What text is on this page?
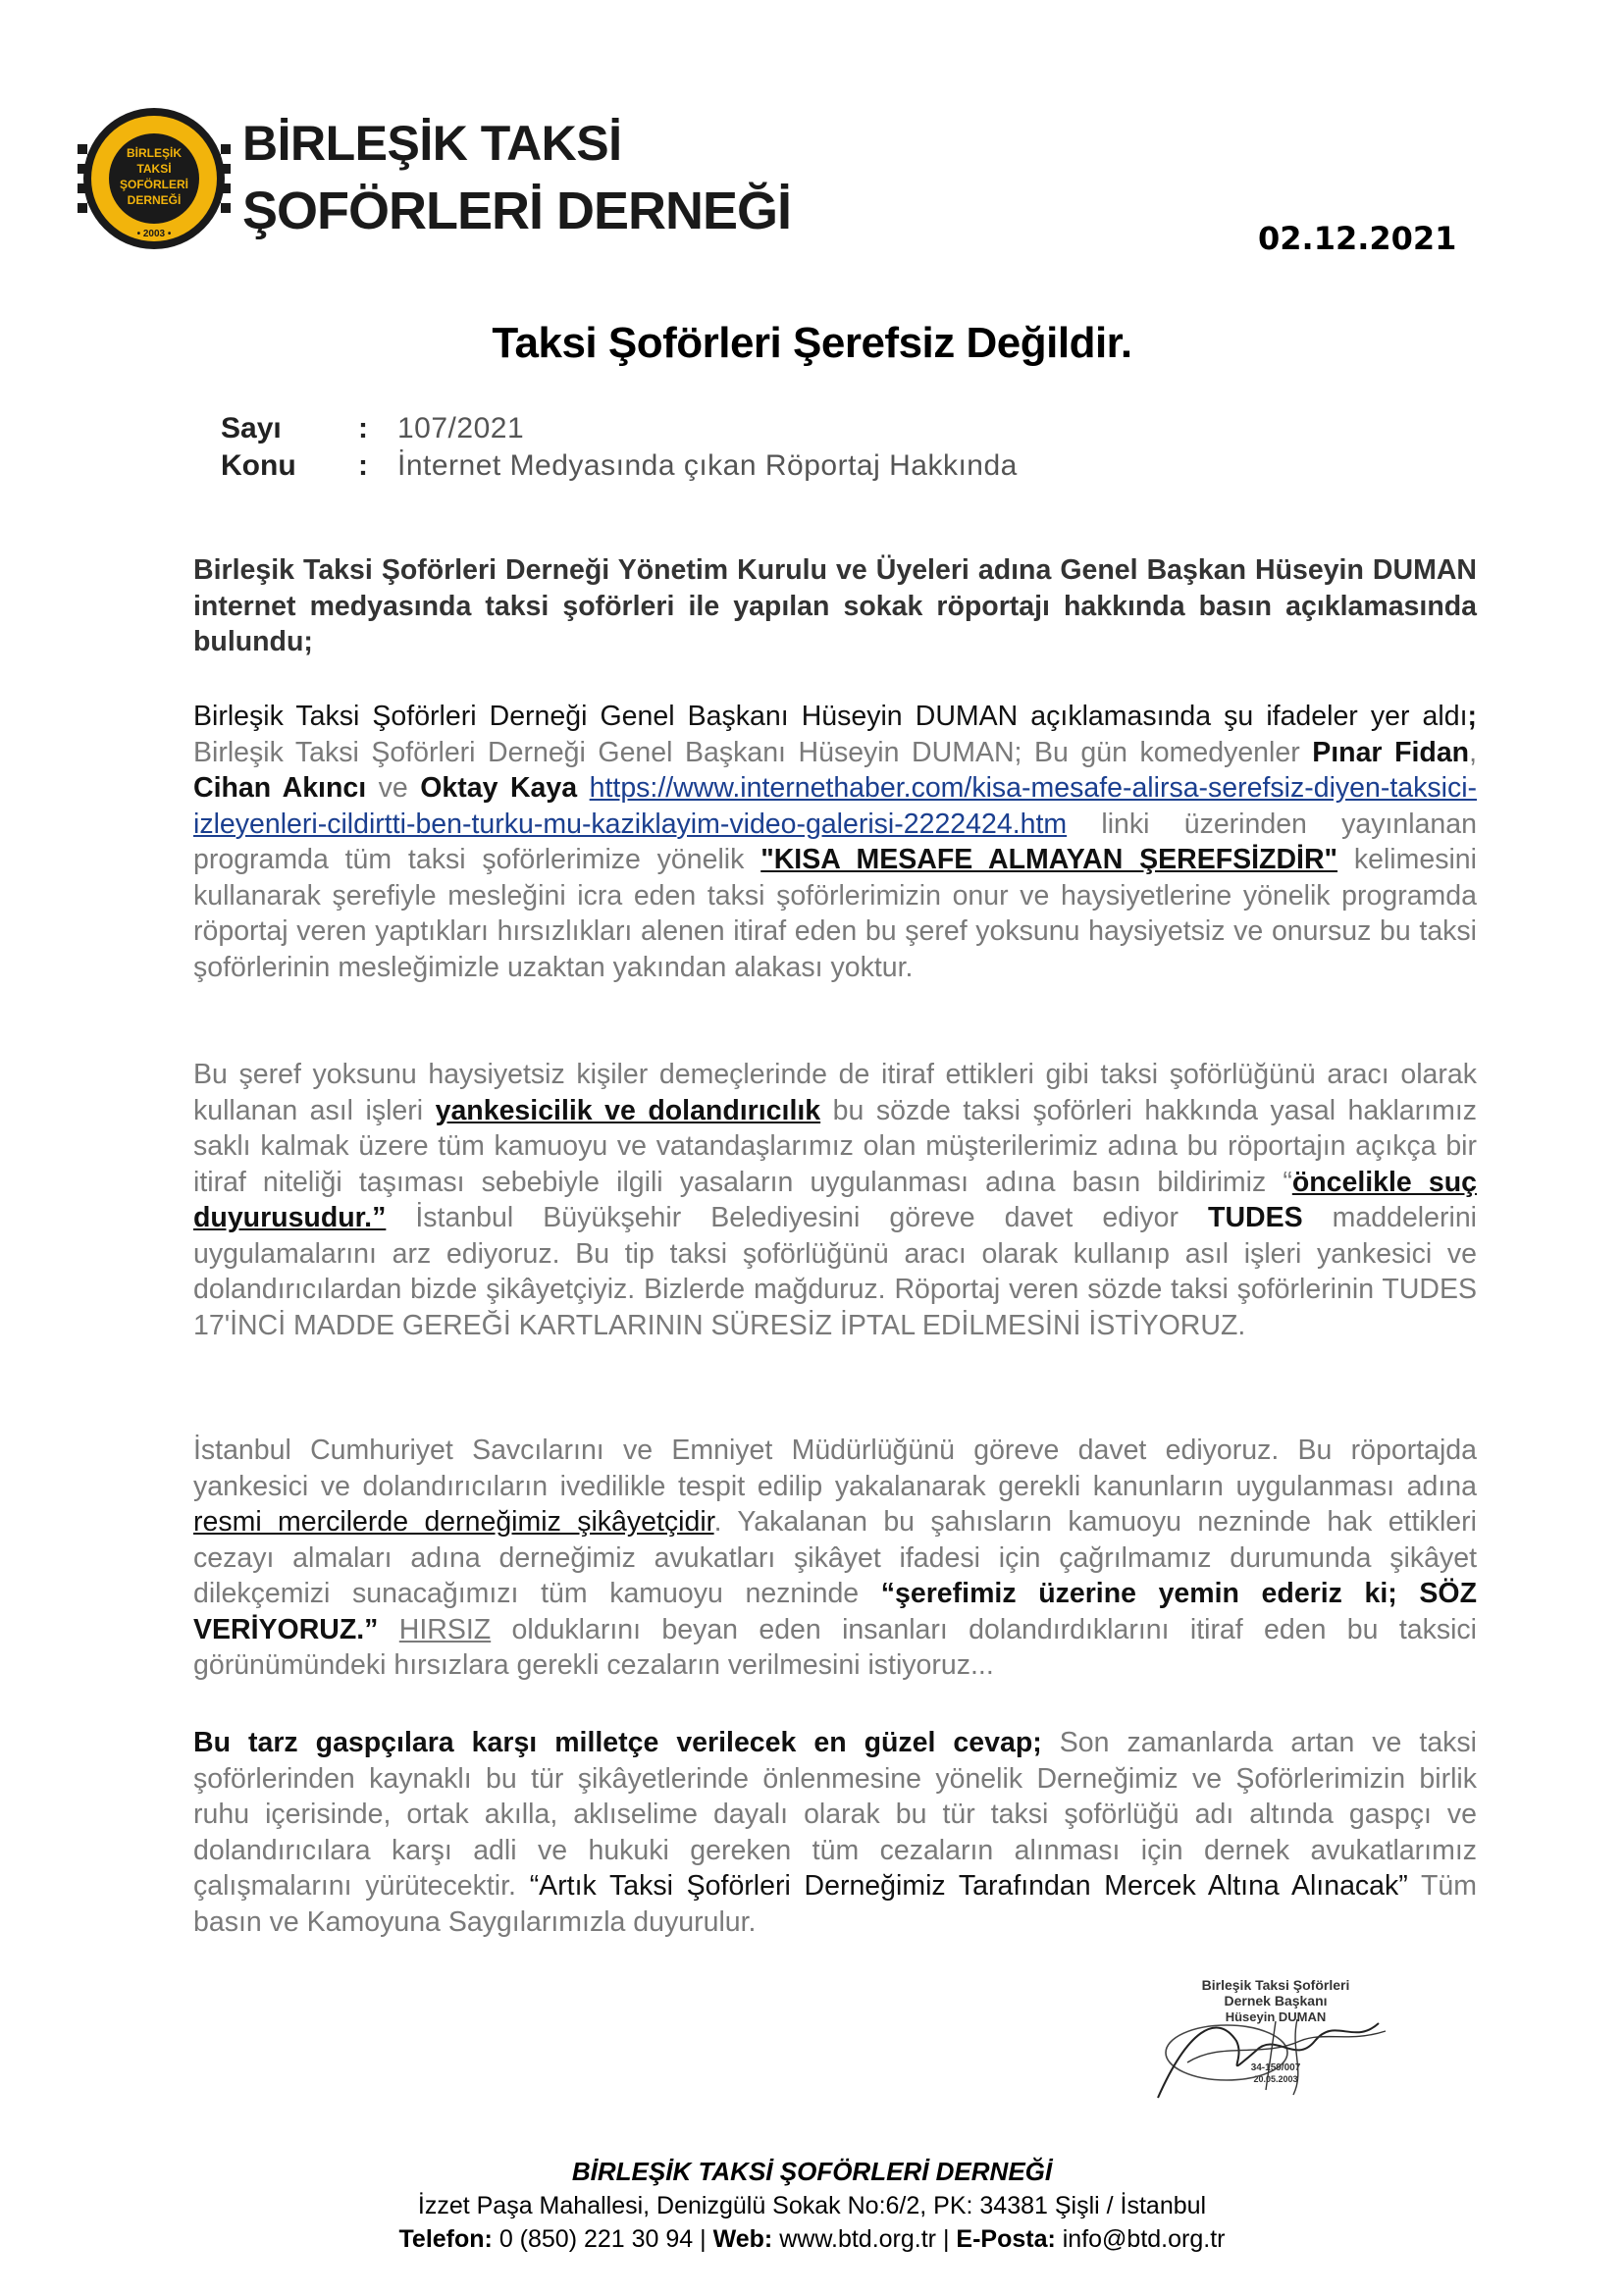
BİRLEŞİK
TAKSİ
ŞOFÖRLERİ
DERNEĞİ
• 2003 •
BİRLEŞİK TAKSİ
ŞOFÖRLERİ DERNEĞİ	02.12.2021
Taksi Şoförleri Şerefsiz Değildir.
Sayı	:	107/2021
Konu	:	İnternet Medyasında çıkan Röportaj Hakkında
Birleşik Taksi Şoförleri Derneği Yönetim Kurulu ve Üyeleri adına Genel Başkan Hüseyin DUMAN internet medyasında taksi şoförleri ile yapılan sokak röportajı hakkında basın açıklamasında bulundu;
Birleşik Taksi Şoförleri Derneği Genel Başkanı Hüseyin DUMAN açıklamasında şu ifadeler yer aldı; Birleşik Taksi Şoförleri Derneği Genel Başkanı Hüseyin DUMAN; Bu gün komedyenler Pınar Fidan, Cihan Akıncı ve Oktay Kaya https://www.internethaber.com/kisa-mesafe-alirsa-serefsiz-diyen-taksici-izleyenleri-cildirtti-ben-turku-mu-kaziklayim-video-galerisi-2222424.htm linki üzerinden yayınlanan programda tüm taksi şoförlerimize yönelik "KISA MESAFE ALMAYAN ŞEREFSİZDİR" kelimesini kullanarak şerefiyle mesleğini icra eden taksi şoförlerimizin onur ve haysiyetlerine yönelik programda röportaj veren yaptıkları hırsızlıkları alenen itiraf eden bu şeref yoksunu haysiyetsiz ve onursuz bu taksi şoförlerinin mesleğimizle uzaktan yakından alakası yoktur.
Bu şeref yoksunu haysiyetsiz kişiler demeçlerinde de itiraf ettikleri gibi taksi şoförlüğünü aracı olarak kullanan asıl işleri yankesicilik ve dolandırıcılık bu sözde taksi şoförleri hakkında yasal haklarımız saklı kalmak üzere tüm kamuoyu ve vatandaşlarımız olan müşterilerimiz adına bu röportajın açıkça bir itiraf niteliği taşıması sebebiyle ilgili yasaların uygulanması adına basın bildirimiz “öncelikle suç duyurusudur.” İstanbul Büyükşehir Belediyesini göreve davet ediyor TUDES maddelerini uygulamalarını arz ediyoruz. Bu tip taksi şoförlüğünü aracı olarak kullanıp asıl işleri yankesici ve dolandırıcılardan bizde şikâyetçiyiz. Bizlerde mağduruz. Röportaj veren sözde taksi şoförlerinin TUDES 17'İNCİ MADDE GEREĞİ KARTLARININ SÜRESİZ İPTAL EDİLMESİNİ İSTİYORUZ.
İstanbul Cumhuriyet Savcılarını ve Emniyet Müdürlüğünü göreve davet ediyoruz. Bu röportajda yankesici ve dolandırıcıların ivedilikle tespit edilip yakalanarak gerekli kanunların uygulanması adına resmi mercilerde derneğimiz şikâyetçidir. Yakalanan bu şahısların kamuoyu nezninde hak ettikleri cezayı almaları adına derneğimiz avukatları şikâyet ifadesi için çağrılmamız durumunda şikâyet dilekçemizi sunacağımızı tüm kamuoyu nezninde “şerefimiz üzerine yemin ederiz ki; SÖZ VERİYORUZ.” HIRSIZ olduklarını beyan eden insanları dolandırdıklarını itiraf eden bu taksici görünümündeki hırsızlara gerekli cezaların verilmesini istiyoruz...
Bu tarz gaspçılara karşı milletçe verilecek en güzel cevap; Son zamanlarda artan ve taksi şoförlerinden kaynaklı bu tür şikâyetlerinde önlenmesine yönelik Derneğimiz ve Şoförlerimizin birlik ruhu içerisinde, ortak akılla, aklıselime dayalı olarak bu tür taksi şoförlüğü adı altında gaspçı ve dolandırıcılara karşı adli ve hukuki gereken tüm cezaların alınması için dernek avukatlarımız çalışmalarını yürütecektir. “Artık Taksi Şoförleri Derneğimiz Tarafından Mercek Altına Alınacak” Tüm basın ve Kamoyuna Saygılarımızla duyurulur.
Birleşik Taksi Şoförleri
Dernek Başkanı
Hüseyin DUMAN
34-159/007
20.05.2003
BİRLEŞİK TAKSİ ŞOFÖRLERİ DERNEĞİ
İzzet Paşa Mahallesi, Denizgülü Sokak No:6/2, PK: 34381 Şişli / İstanbul
Telefon: 0 (850) 221 30 94 | Web: www.btd.org.tr | E-Posta: info@btd.org.tr
